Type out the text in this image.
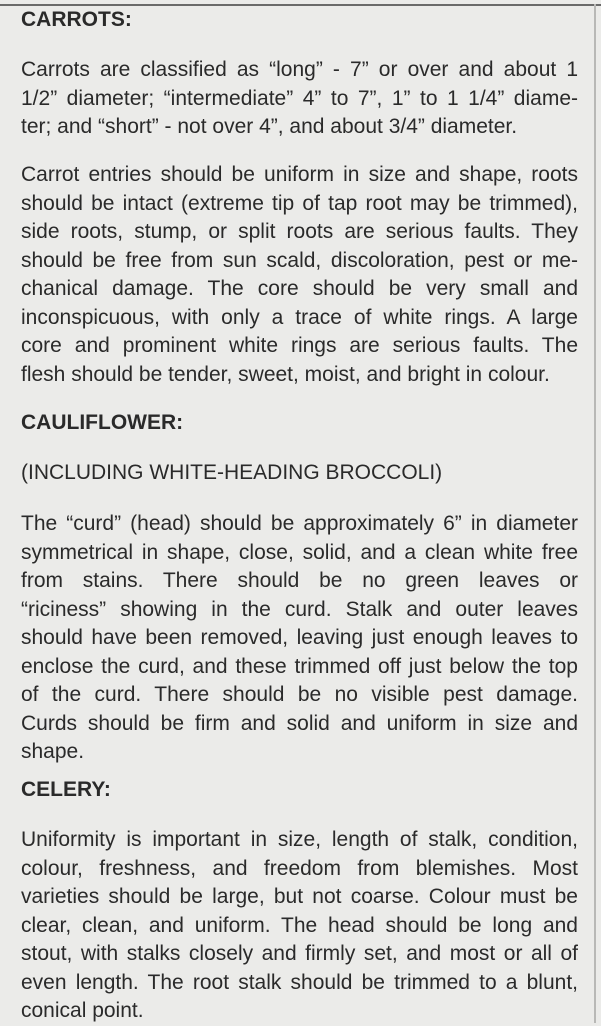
CARROTS:
Carrots are classified as “long” - 7” or over and about 1
1/2” diameter; “intermediate” 4” to 7”, 1” to 1 1/4” diame-
ter; and “short” - not over 4”, and about 3/4” diameter.
Carrot entries should be uniform in size and shape, roots
should be intact (extreme tip of tap root may be trimmed),
side roots, stump, or split roots are serious faults. They
should be free from sun scald, discoloration, pest or me-
chanical damage. The core should be very small and
inconspicuous, with only a trace of white rings. A large
core and prominent white rings are serious faults. The
flesh should be tender, sweet, moist, and bright in colour.
CAULIFLOWER:
(INCLUDING WHITE-HEADING BROCCOLI)
The “curd” (head) should be approximately 6” in diameter
symmetrical in shape, close, solid, and a clean white free
from stains. There should be no green leaves or
“riciness” showing in the curd. Stalk and outer leaves
should have been removed, leaving just enough leaves to
enclose the curd, and these trimmed off just below the top
of the curd. There should be no visible pest damage.
Curds should be firm and solid and uniform in size and
shape.
CELERY:
Uniformity is important in size, length of stalk, condition,
colour, freshness, and freedom from blemishes. Most
varieties should be large, but not coarse. Colour must be
clear, clean, and uniform. The head should be long and
stout, with stalks closely and firmly set, and most or all of
even length. The root stalk should be trimmed to a blunt,
conical point.
